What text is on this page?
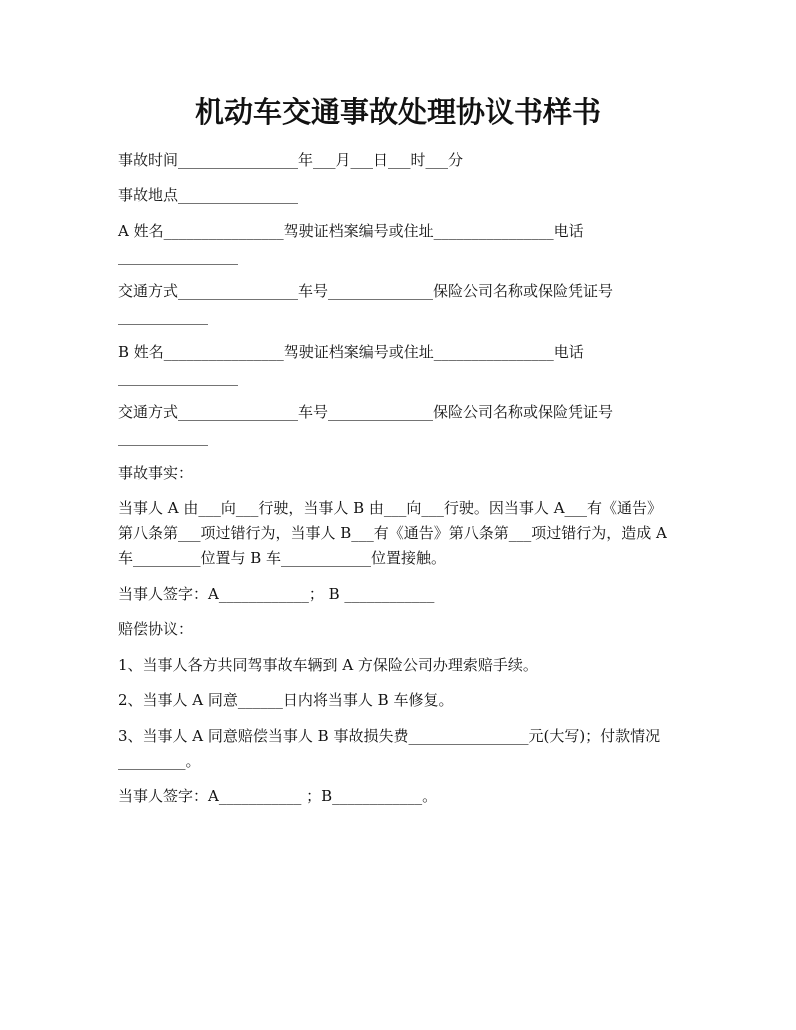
机动车交通事故处理协议书样书
事故时间________________年___月___日___时___分
事故地点________________
A 姓名________________驾驶证档案编号或住址________________电话
________________
交通方式________________车号______________保险公司名称或保险凭证号
____________
B 姓名________________驾驶证档案编号或住址________________电话
________________
交通方式________________车号______________保险公司名称或保险凭证号
____________
事故事实：
当事人 A 由___向___行驶，当事人 B 由___向___行驶。因当事人 A___有《通告》
第八条第___项过错行为，当事人 B___有《通告》第八条第___项过错行为，造成 A
车_________位置与 B 车____________位置接触。
当事人签字：A____________； B ____________
赔偿协议：
1、当事人各方共同驾事故车辆到 A 方保险公司办理索赔手续。
2、当事人 A 同意______日内将当事人 B 车修复。
3、当事人 A 同意赔偿当事人 B 事故损失费________________元(大写)；付款情况
_________。
当事人签字：A___________ ；B____________。
